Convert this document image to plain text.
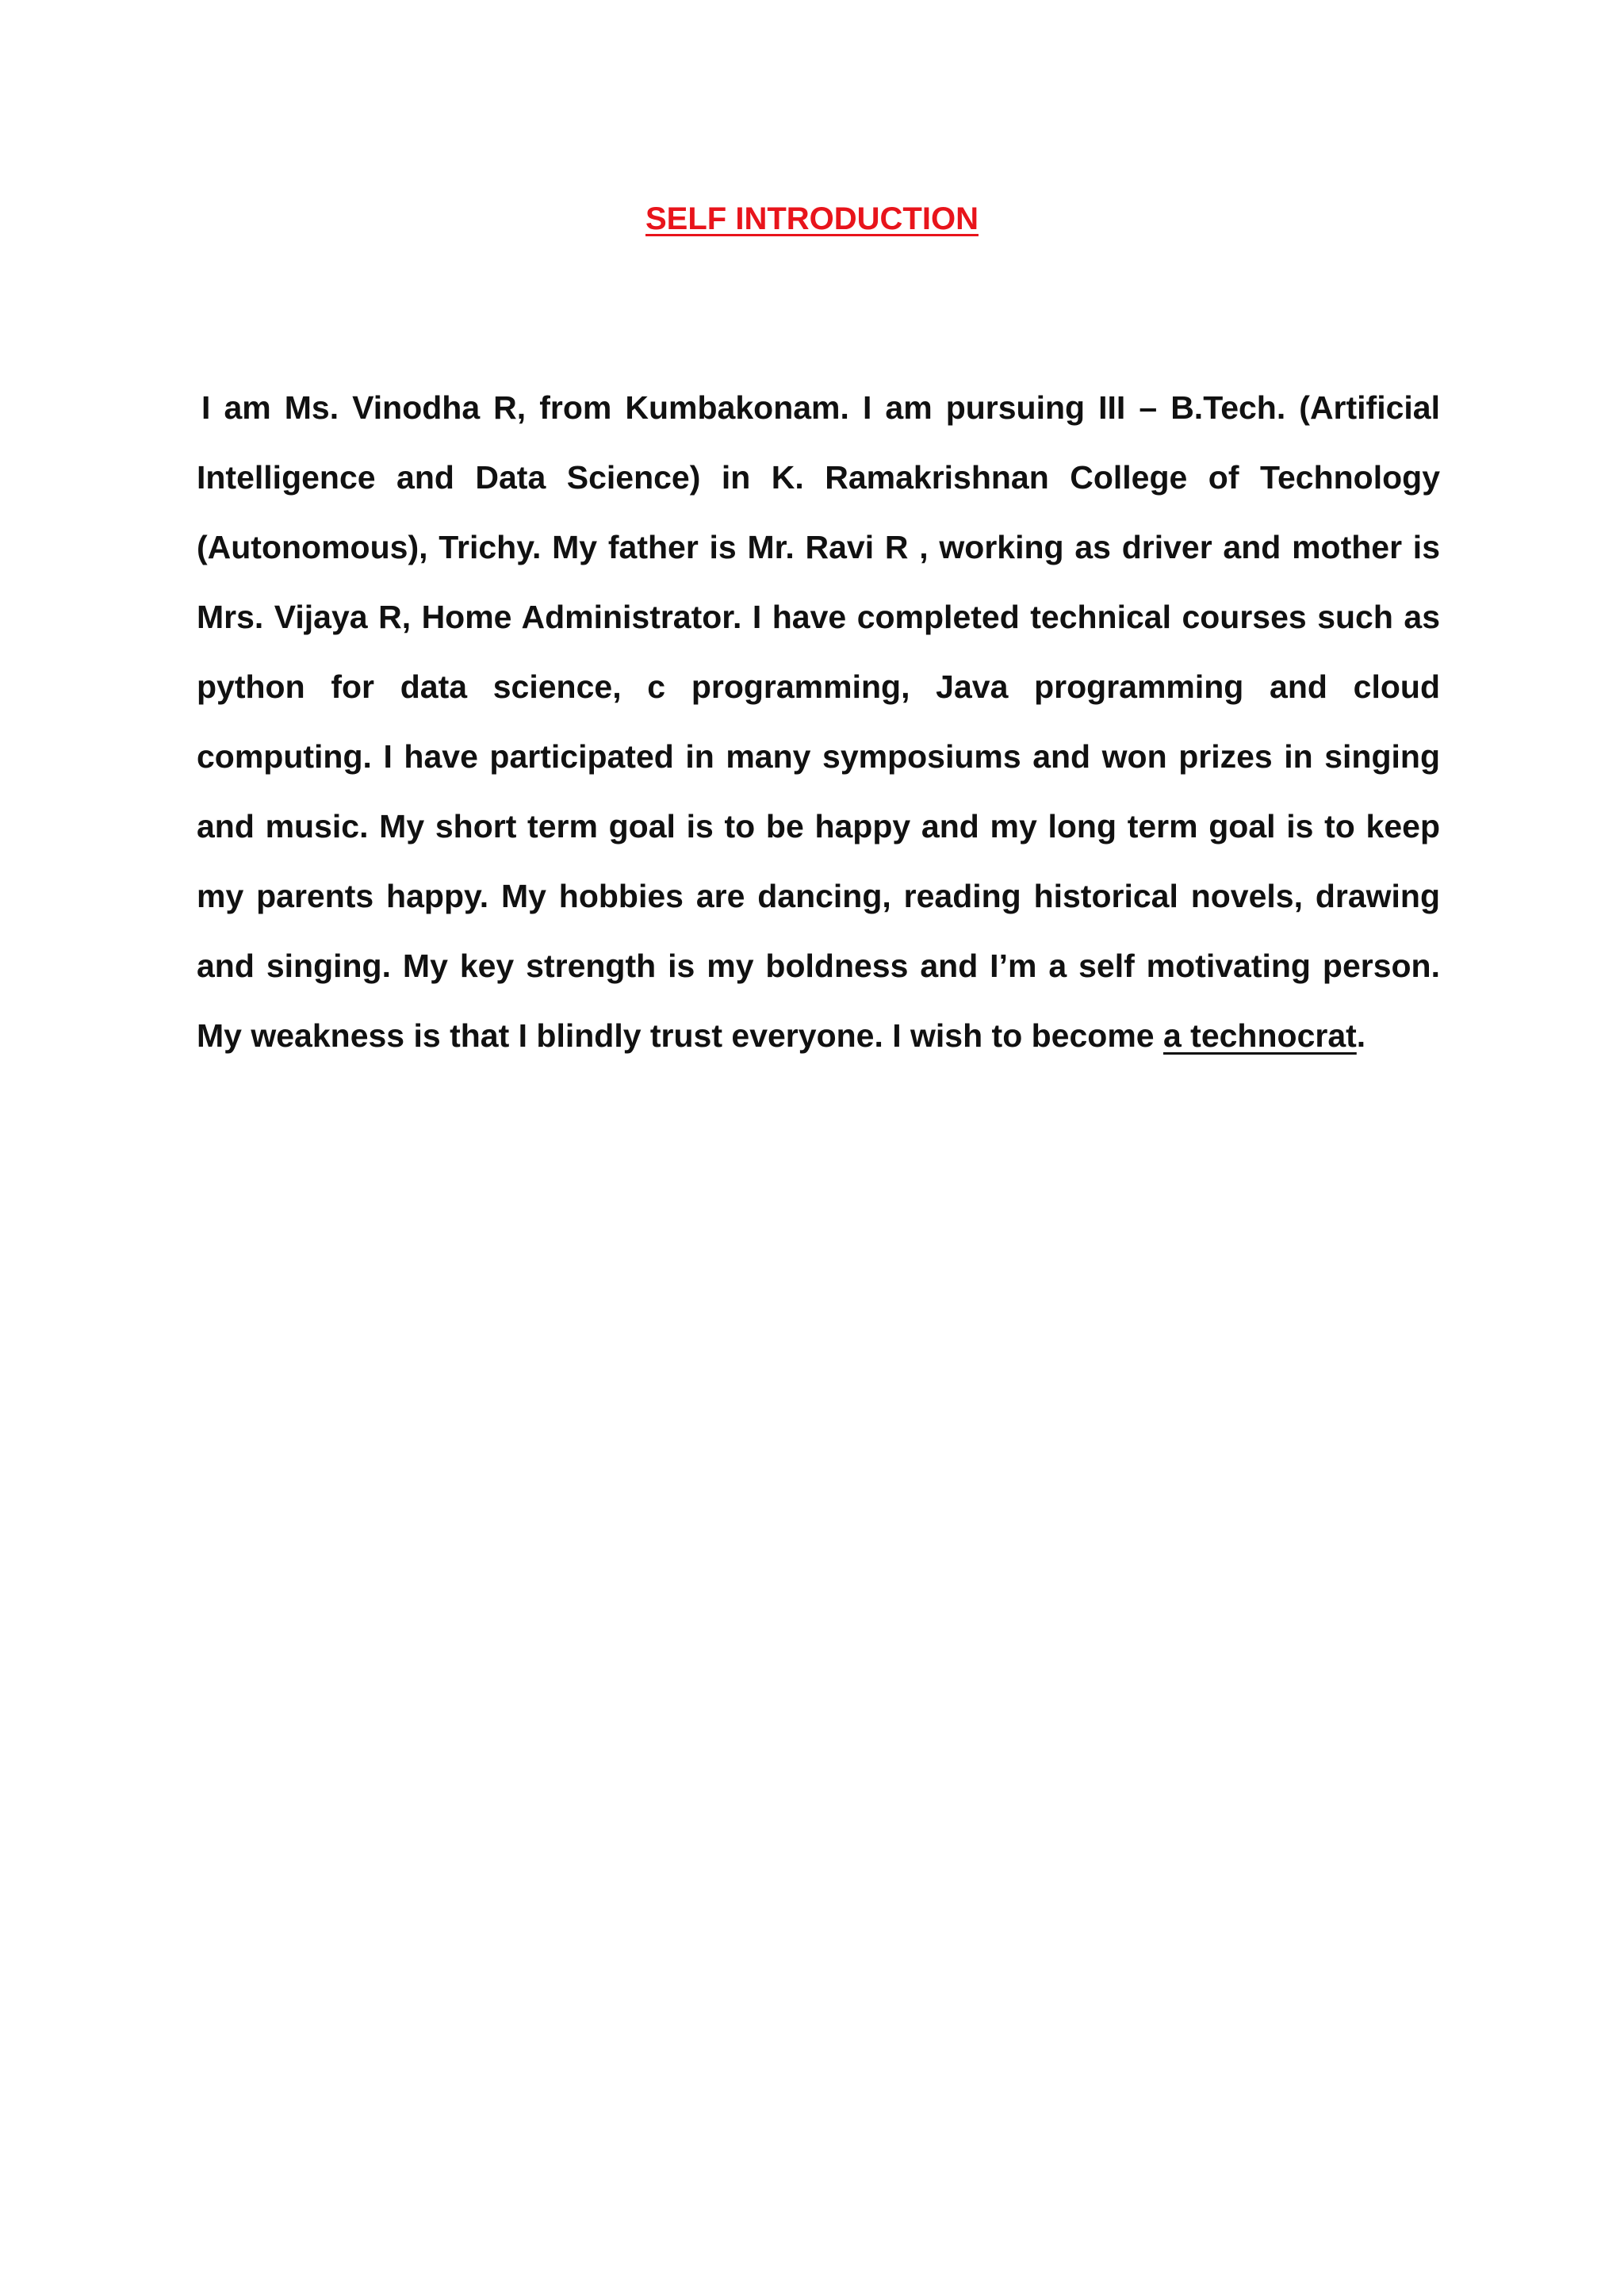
SELF INTRODUCTION

I am Ms. Vinodha R, from Kumbakonam. I am pursuing III – B.Tech. (Artificial Intelligence and Data Science) in K. Ramakrishnan College of Technology (Autonomous), Trichy. My father is Mr. Ravi R , working as driver and mother is Mrs. Vijaya R, Home Administrator. I have completed technical courses such as python for data science, c programming, Java programming and cloud computing. I have participated in many symposiums and won prizes in singing and music. My short term goal is to be happy and my long term goal is to keep my parents happy. My hobbies are dancing, reading historical novels, drawing and singing. My key strength is my boldness and I’m a self motivating person. My weakness is that I blindly trust everyone. I wish to become a technocrat.
